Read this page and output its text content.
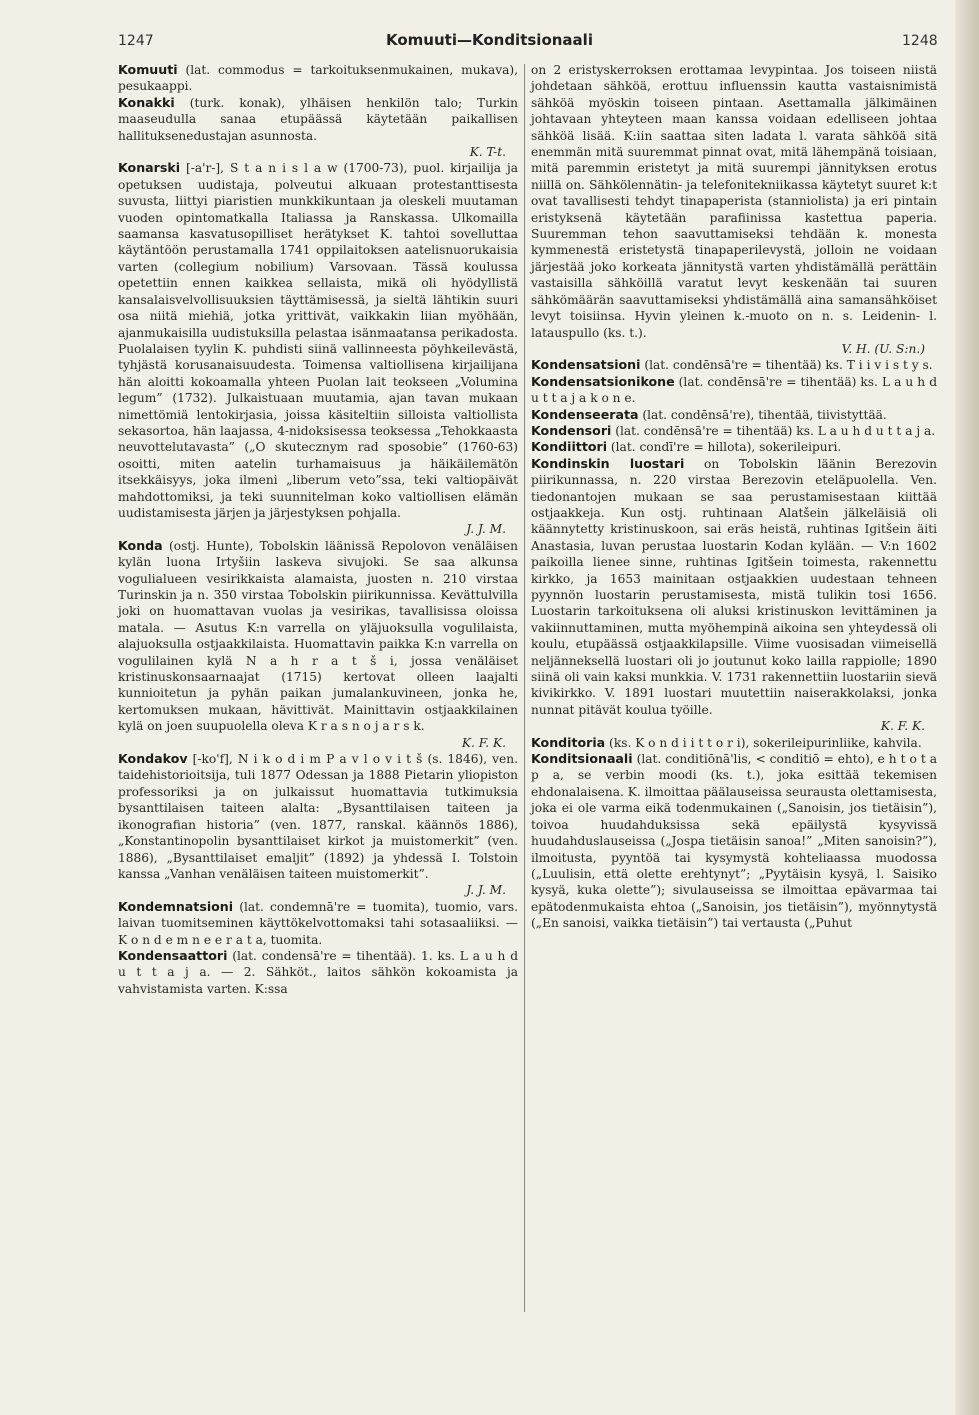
1247	Komuuti—Konditsionaali	1248

Komuuti (lat. commodus = tarkoituksenmukainen, mukava), pesukaappi.

Konakki (turk. konak), ylhäisen henkilön talo; Turkin maaseudulla sanaa etupäässä käytetään paikallisen hallituksenedustajan asunnosta.
K. T-t.

Konarski [-a'r-], S t a n i s l a w (1700-73), puol. kirjailija ja opetuksen uudistaja, polveutui alkuaan protestanttisesta suvusta, liittyi piaristien munkkikuntaan ja oleskeli muutaman vuoden opintomatkalla Italiassa ja Ranskassa. Ulkomailla saamansa kasvatusopilliset herätykset K. tahtoi sovelluttaa käytäntöön perustamalla 1741 oppilaitoksen aatelisnuorukaisia varten (collegium nobilium) Varsovaan. Tässä koulussa opetettiin ennen kaikkea sellaista, mikä oli hyödyllistä kansalaisvelvollisuuksien täyttämisessä, ja sieltä lähtikin suuri osa niitä miehiä, jotka yrittivät, vaikkakin liian myöhään, ajanmukaisilla uudistuksilla pelastaa isänmaatansa perikadosta. Puolalaisen tyylin K. puhdisti siinä vallinneesta pöyhkeilevästä, tyhjästä korusanaisuudesta. Toimensa valtiollisena kirjailijana hän aloitti kokoamalla yhteen Puolan lait teokseen „Volumina legum” (1732). Julkaistuaan muutamia, ajan tavan mukaan nimettömiä lentokirjasia, joissa käsiteltiin silloista valtiollista sekasortoa, hän laajassa, 4-nidoksisessa teoksessa „Tehokkaasta neuvottelutavasta” („O skutecznym rad sposobie” (1760-63) osoitti, miten aatelin turhamaisuus ja häikäilemätön itsekkäisyys, joka ilmeni „liberum veto”ssa, teki valtiopäivät mahdottomiksi, ja teki suunnitelman koko valtiollisen elämän uudistamisesta järjen ja järjestyksen pohjalla.
J. J. M.

Konda (ostj. Hunte), Tobolskin läänissä Repolovon venäläisen kylän luona Irtyšiin laskeva sivujoki. Se saa alkunsa vogulialueen vesirikkaista alamaista, juosten n. 210 virstaa Turinskin ja n. 350 virstaa Tobolskin piirikunnissa. Kevättulvilla joki on huomattavan vuolas ja vesirikas, tavallisissa oloissa matala. — Asutus K:n varrella on yläjuoksulla vogulilaista, alajuoksulla ostjaakkilaista. Huomattavin paikka K:n varrella on vogulilainen kylä N a h r a t š i, jossa venäläiset kristinuskonsaarnaajat (1715) kertovat olleen laajalti kunnioitetun ja pyhän paikan jumalankuvineen, jonka he, kertomuksen mukaan, hävittivät. Mainittavin ostjaakkilainen kylä on joen suupuolella oleva K r a s n o j a r s k.
K. F. K.

Kondakov [-ko'f], N i k o d i m P a v l o v i t š (s. 1846), ven. taidehistorioitsija, tuli 1877 Odessan ja 1888 Pietarin yliopiston professoriksi ja on julkaissut huomattavia tutkimuksia bysanttilaisen taiteen alalta: „Bysanttilaisen taiteen ja ikonografian historia” (ven. 1877, ranskal. käännös 1886), „Konstantinopolin bysanttilaiset kirkot ja muistomerkit” (ven. 1886), „Bysanttilaiset emaljit” (1892) ja yhdessä I. Tolstoin kanssa „Vanhan venäläisen taiteen muistomerkit”.
J. J. M.

Kondemnatsioni (lat. condemnā're = tuomita), tuomio, vars. laivan tuomitseminen käyttökelvottomaksi tahi sotasaaliiksi. — K o n d e m n e e r a t a, tuomita.

Kondensaattori (lat. condensā're = tihentää). 1. ks. L a u h d u t t a j a. — 2. Sähköt., laitos sähkön kokoamista ja vahvistamista varten. K:ssa

on 2 eristyskerroksen erottamaa levypintaa. Jos toiseen niistä johdetaan sähköä, erottuu influenssin kautta vastaisnimistä sähköä myöskin toiseen pintaan. Asettamalla jälkimäinen johtavaan yhteyteen maan kanssa voidaan edelliseen johtaa sähköä lisää. K:iin saattaa siten ladata l. varata sähköä sitä enemmän mitä suuremmat pinnat ovat, mitä lähempänä toisiaan, mitä paremmin eristetyt ja mitä suurempi jännityksen erotus niillä on. Sähkölennätin- ja telefonitekniikassa käytetyt suuret k:t ovat tavallisesti tehdyt tinapaperista (stanniolista) ja eri pintain eristyksenä käytetään parafiinissa kastettua paperia. Suuremman tehon saavuttamiseksi tehdään k. monesta kymmenestä eristetystä tinapaperilevystä, jolloin ne voidaan järjestää joko korkeata jännitystä varten yhdistämällä perättäin vastaisilla sähköillä varatut levyt keskenään tai suuren sähkömäärän saavuttamiseksi yhdistämällä aina samansähköiset levyt toisiinsa. Hyvin yleinen k.-muoto on n. s. Leidenin- l. latauspullo (ks. t.).
V. H. (U. S:n.)

Kondensatsioni (lat. condēnsā're = tihentää) ks. T i i v i s t y s.

Kondensatsionikone (lat. condēnsā're = tihentää) ks. L a u h d u t t a j a k o n e.

Kondenseerata (lat. condēnsā're), tihentää, tiivistyttää.

Kondensori (lat. condēnsā're = tihentää) ks. L a u h d u t t a j a.

Kondiittori (lat. condī're = hillota), sokerileipuri.

Kondinskin luostari on Tobolskin läänin Berezovin piirikunnassa, n. 220 virstaa Berezovin eteläpuolella. Ven. tiedonantojen mukaan se saa perustamisestaan kiittää ostjaakkeja. Kun ostj. ruhtinaan Alatšein jälkeläisiä oli käännytetty kristinuskoon, sai eräs heistä, ruhtinas Igitšein äiti Anastasia, luvan perustaa luostarin Kodan kylään. — V:n 1602 paikoilla lienee sinne, ruhtinas Igitšein toimesta, rakennettu kirkko, ja 1653 mainitaan ostjaakkien uudestaan tehneen pyynnön luostarin perustamisesta, mistä tulikin tosi 1656. Luostarin tarkoituksena oli aluksi kristinuskon levittäminen ja vakiinnuttaminen, mutta myöhempinä aikoina sen yhteydessä oli koulu, etupäässä ostjaakkilapsille. Viime vuosisadan viimeisellä neljänneksellä luostari oli jo joutunut koko lailla rappiolle; 1890 siinä oli vain kaksi munkkia. V. 1731 rakennettiin luostariin sievä kivikirkko. V. 1891 luostari muutettiin naiserakkolaksi, jonka nunnat pitävät koulua työille.
K. F. K.

Konditoria (ks. K o n d i i t t o r i), sokerileipurinliike, kahvila.

Konditsionaali (lat. conditiōnā'lis, < conditiō = ehto), e h t o t a p a, se verbin moodi (ks. t.), joka esittää tekemisen ehdonalaisena. K. ilmoittaa päälauseissa seurausta olettamisesta, joka ei ole varma eikä todenmukainen („Sanoisin, jos tietäisin”), toivoa huudahduksissa sekä epäilystä kysyvissä huudahduslauseissa („Jospa tietäisin sanoa!” „Miten sanoisin?”), ilmoitusta, pyyntöä tai kysymystä kohteliaassa muodossa („Luulisin, että olette erehtynyt”; „Pyytäisin kysyä, l. Saisiko kysyä, kuka olette”); sivulauseissa se ilmoittaa epävarmaa tai epätodenmukaista ehtoa („Sanoisin, jos tietäisin”), myönnytystä („En sanoisi, vaikka tietäisin”) tai vertausta („Puhut
